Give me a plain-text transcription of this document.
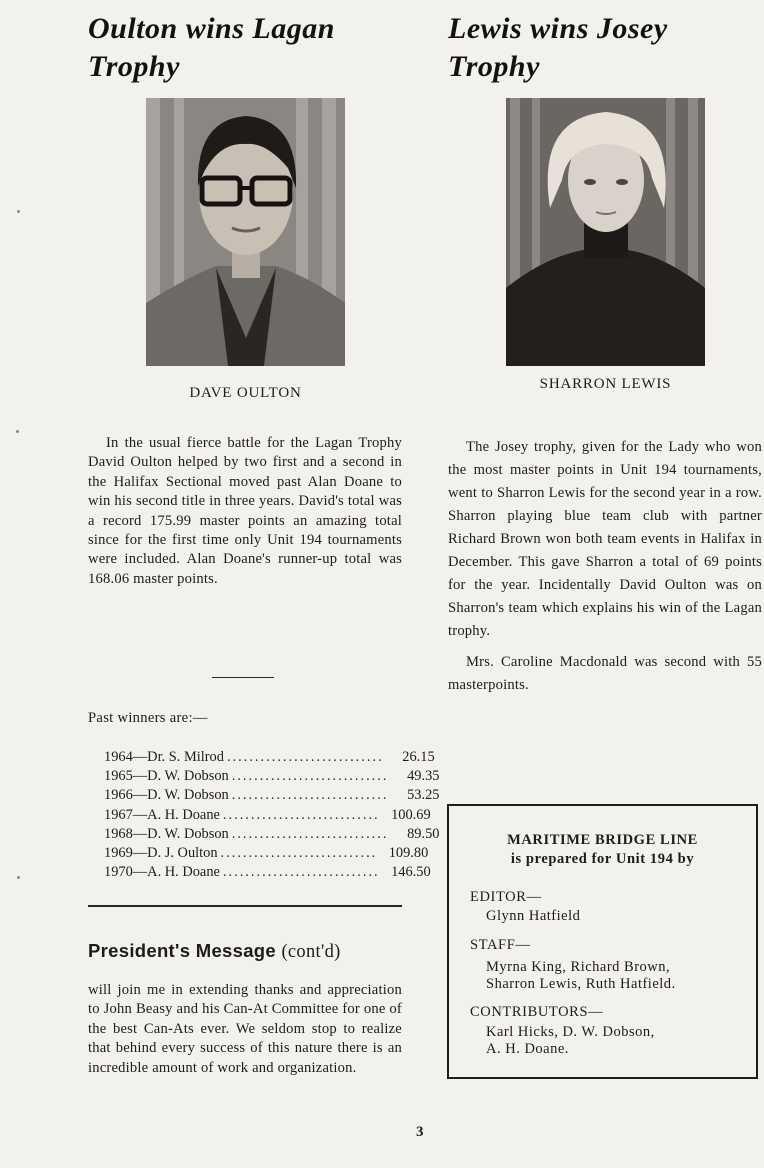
Oulton wins Lagan Trophy
DAVE OULTON

In the usual fierce battle for the Lagan Trophy David Oulton helped by two first and a second in the Halifax Sectional moved past Alan Doane to win his second title in three years. David's total was a record 175.99 master points an amazing total since for the first time only Unit 194 tournaments were included. Alan Doane's runner-up total was 168.06 master points.

Past winners are:—
1964—Dr. S. Milrod ............................	26.15
1965—D. W. Dobson ............................	49.35
1966—D. W. Dobson ............................	53.25
1967—A. H. Doane ............................ 100.69
1968—D. W. Dobson ............................	89.50
1969—D. J. Oulton ............................ 109.80
1970—A. H. Doane ............................ 146.50
President's Message (cont'd)
will join me in extending thanks and appreciation to John Beasy and his Can-At Committee for one of the best Can-Ats ever. We seldom stop to realize that behind every success of this nature there is an incredible amount of work and organization.
Lewis wins Josey Trophy
SHARRON LEWIS

The Josey trophy, given for the Lady who won the most master points in Unit 194 tournaments, went to Sharron Lewis for the second year in a row. Sharron playing blue team club with partner Richard Brown won both team events in Halifax in December. This gave Sharron a total of 69 points for the year. Incidentally David Oulton was on Sharron's team which explains his win of the Lagan trophy.

Mrs. Caroline Macdonald was second with 55 masterpoints.

MARITIME BRIDGE LINE
is prepared for Unit 194 by
EDITOR—
Glynn Hatfield
STAFF—
Myrna King, Richard Brown,
Sharron Lewis, Ruth Hatfield.
CONTRIBUTORS—
Karl Hicks, D. W. Dobson,
A. H. Doane.
3
